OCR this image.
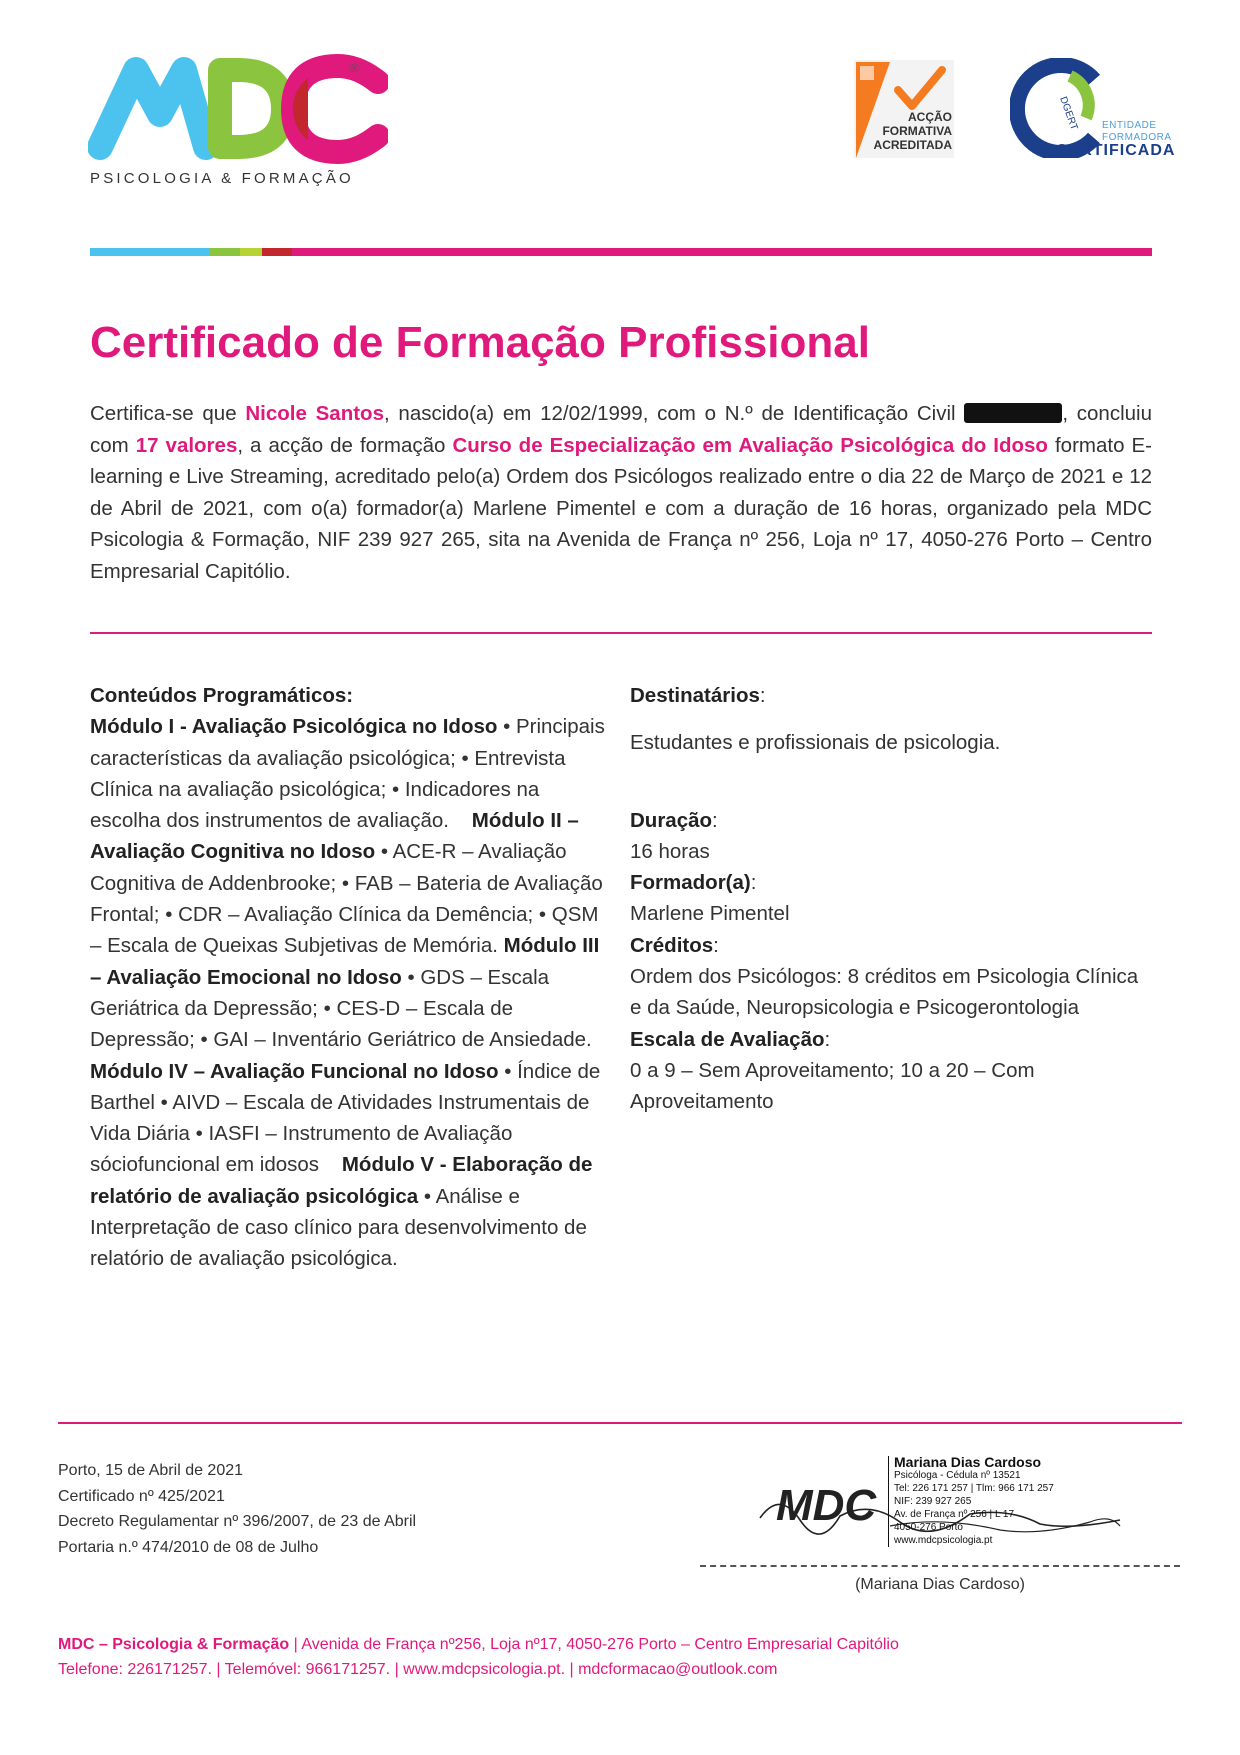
®
PSICOLOGIA & FORMAÇÃO
ACÇÃO
FORMATIVA
ACREDITADA
DGERT ENTIDADE
FORMADORA
CERTIFICADA
Certificado de Formação Profissional
Certifica-se que Nicole Santos, nascido(a) em 12/02/1999, com o N.º de Identificação Civil	, concluiu com 17 valores, a acção de formação Curso de Especialização em Avaliação Psicológica do Idoso formato E-learning e Live Streaming, acreditado pelo(a) Ordem dos Psicólogos realizado entre o dia 22 de Março de 2021 e 12 de Abril de 2021, com o(a) formador(a) Marlene Pimentel e com a duração de 16 horas, organizado pela MDC Psicologia & Formação, NIF 239 927 265, sita na Avenida de França nº 256, Loja nº 17, 4050-276 Porto – Centro Empresarial Capitólio.
Conteúdos Programáticos:
Módulo I - Avaliação Psicológica no Idoso • Principais características da avaliação psicológica; • Entrevista Clínica na avaliação psicológica; • Indicadores na escolha dos instrumentos de avaliação. Módulo II – Avaliação Cognitiva no Idoso • ACE-R – Avaliação Cognitiva de Addenbrooke; • FAB – Bateria de Avaliação Frontal; • CDR – Avaliação Clínica da Demência; • QSM – Escala de Queixas Subjetivas de Memória. Módulo III – Avaliação Emocional no Idoso • GDS – Escala Geriátrica da Depressão; • CES-D – Escala de Depressão; • GAI – Inventário Geriátrico de Ansiedade.    Módulo IV – Avaliação Funcional no Idoso • Índice de Barthel • AIVD – Escala de Atividades Instrumentais de Vida Diária • IASFI – Instrumento de Avaliação sóciofuncional em idosos Módulo V - Elaboração de relatório de avaliação psicológica • Análise e Interpretação de caso clínico para desenvolvimento de relatório de avaliação psicológica.
Destinatários:
Estudantes e profissionais de psicologia.
Duração:
16 horas
Formador(a):
Marlene Pimentel
Créditos:
Ordem dos Psicólogos: 8 créditos em Psicologia Clínica e da Saúde, Neuropsicologia e Psicogerontologia
Escala de Avaliação:
0 a 9 – Sem Aproveitamento; 10 a 20 – Com Aproveitamento
Porto, 15 de Abril de 2021
Certificado nº 425/2021
Decreto Regulamentar nº 396/2007, de 23 de Abril
Portaria n.º 474/2010 de 08 de Julho
MDC
Mariana Dias Cardoso
Psicóloga - Cédula nº 13521
Tel: 226 171 257 | Tlm: 966 171 257
NIF: 239 927 265
Av. de França nº 256 | L 17
4050-276 Porto
www.mdcpsicologia.pt
(Mariana Dias Cardoso)
MDC – Psicologia & Formação | Avenida de França nº256, Loja nº17, 4050-276 Porto – Centro Empresarial Capitólio
Telefone: 226171257. | Telemóvel: 966171257. | www.mdcpsicologia.pt. | mdcformacao@outlook.com
